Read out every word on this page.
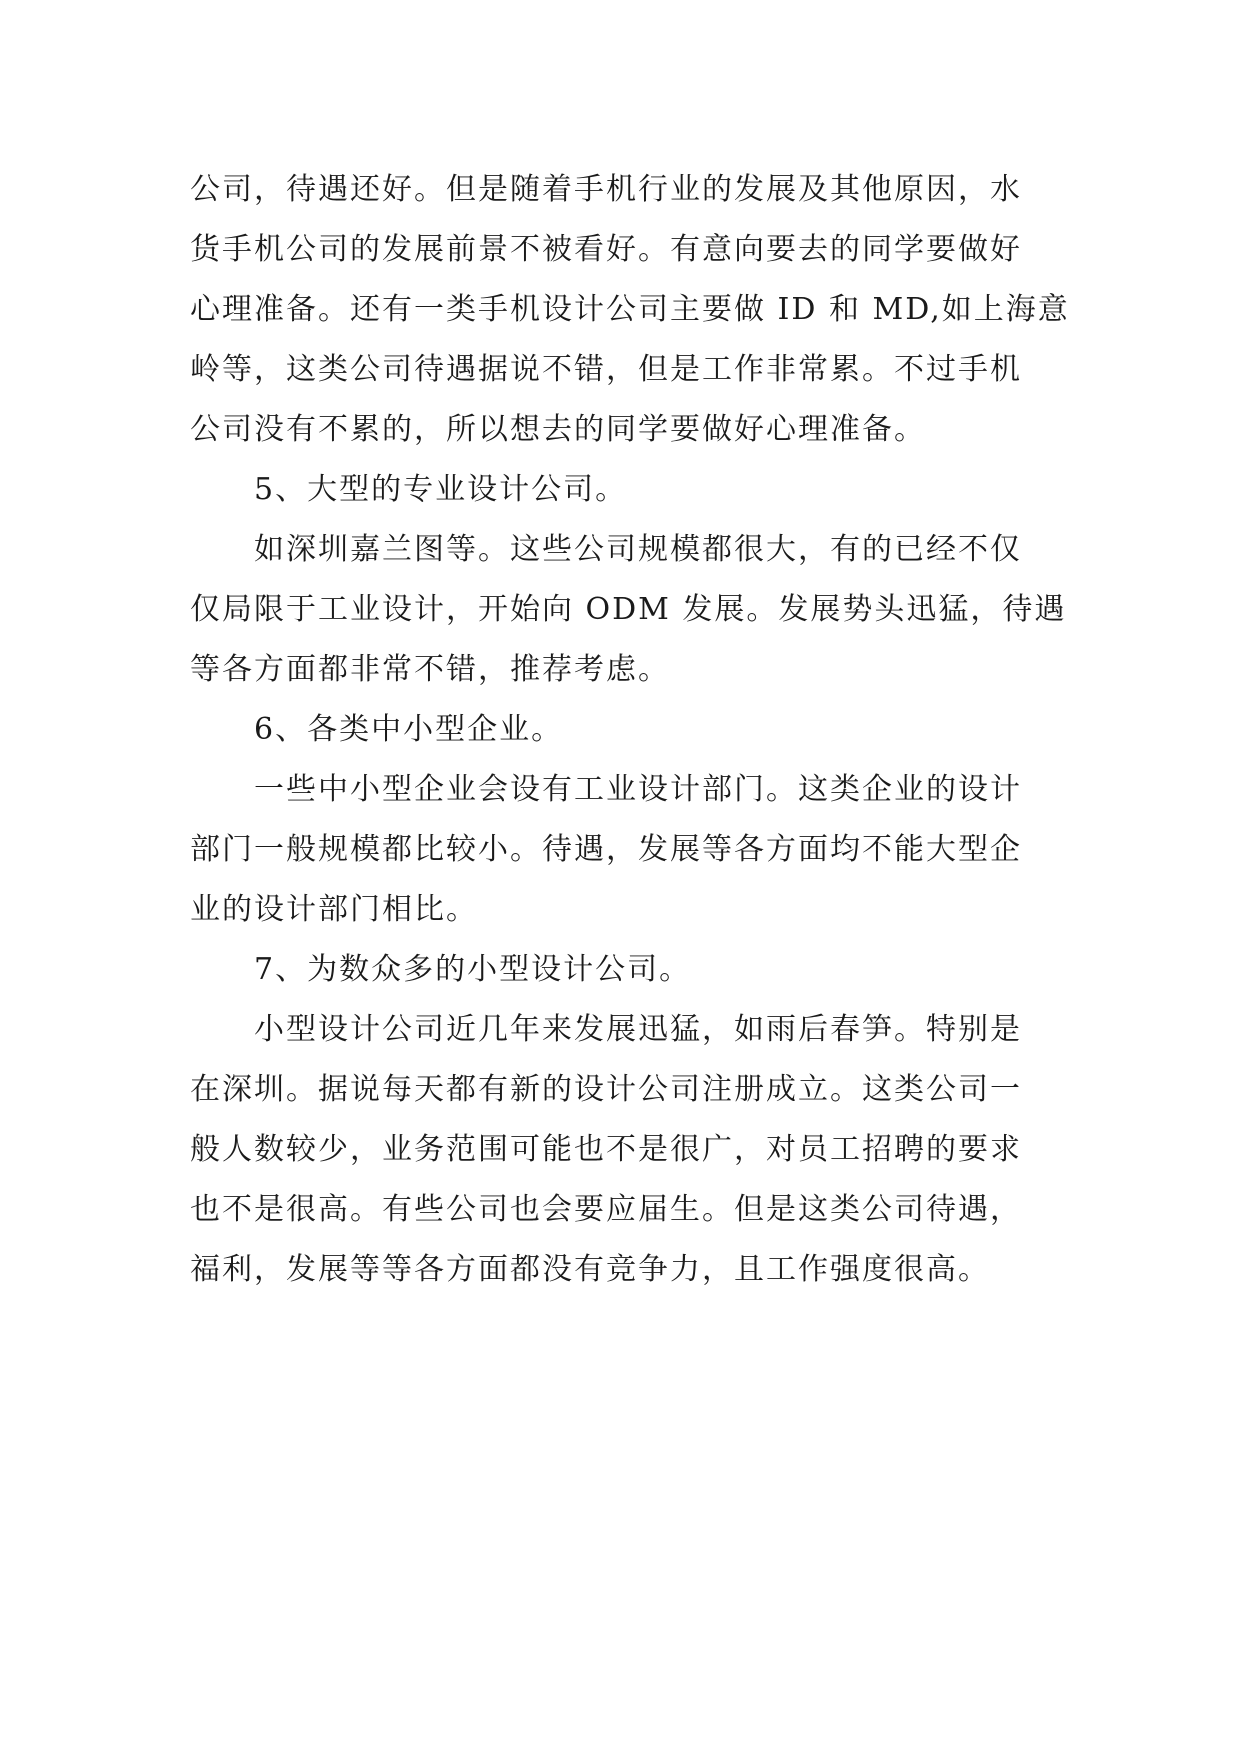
公司，待遇还好。但是随着手机行业的发展及其他原因，水
货手机公司的发展前景不被看好。有意向要去的同学要做好
心理准备。还有一类手机设计公司主要做 ID 和 MD,如上海意
岭等，这类公司待遇据说不错，但是工作非常累。不过手机
公司没有不累的，所以想去的同学要做好心理准备。
5、大型的专业设计公司。
如深圳嘉兰图等。这些公司规模都很大，有的已经不仅
仅局限于工业设计，开始向 ODM 发展。发展势头迅猛，待遇
等各方面都非常不错，推荐考虑。
6、各类中小型企业。
一些中小型企业会设有工业设计部门。这类企业的设计
部门一般规模都比较小。待遇，发展等各方面均不能大型企
业的设计部门相比。
7、为数众多的小型设计公司。
小型设计公司近几年来发展迅猛，如雨后春笋。特别是
在深圳。据说每天都有新的设计公司注册成立。这类公司一
般人数较少，业务范围可能也不是很广，对员工招聘的要求
也不是很高。有些公司也会要应届生。但是这类公司待遇，
福利，发展等等各方面都没有竞争力，且工作强度很高。
